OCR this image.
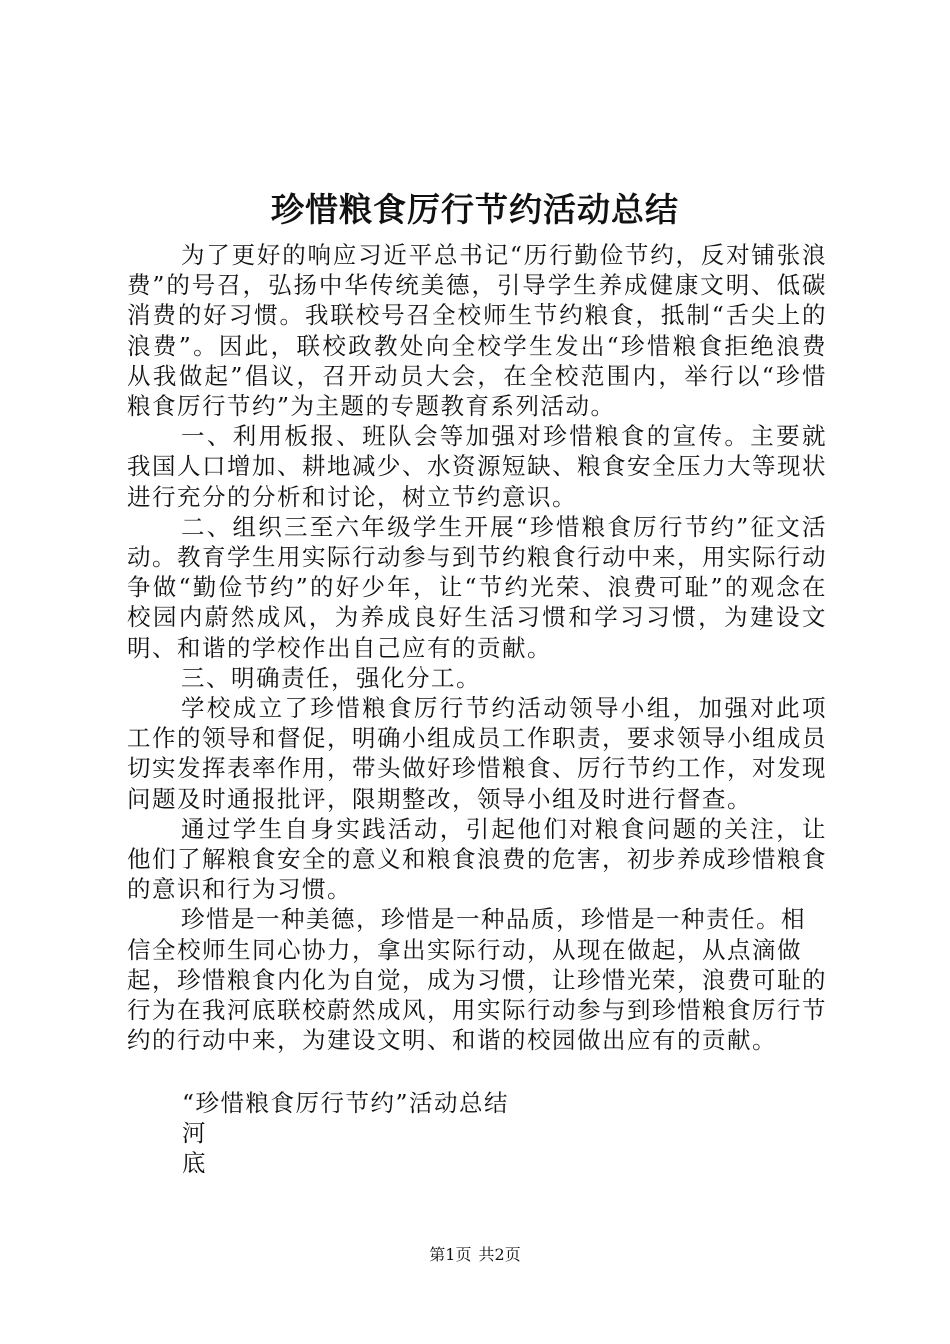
珍惜粮食厉行节约活动总结

为了更好的响应习近平总书记“历行勤俭节约，反对铺张浪费”的号召，弘扬中华传统美德，引导学生养成健康文明、低碳消费的好习惯。我联校号召全校师生节约粮食，抵制“舌尖上的浪费”。因此，联校政教处向全校学生发出“珍惜粮食拒绝浪费从我做起”倡议，召开动员大会，在全校范围内，举行以“珍惜粮食厉行节约”为主题的专题教育系列活动。

一、利用板报、班队会等加强对珍惜粮食的宣传。主要就我国人口增加、耕地减少、水资源短缺、粮食安全压力大等现状进行充分的分析和讨论，树立节约意识。

二、组织三至六年级学生开展“珍惜粮食厉行节约”征文活动。教育学生用实际行动参与到节约粮食行动中来，用实际行动争做“勤俭节约”的好少年，让“节约光荣、浪费可耻”的观念在校园内蔚然成风，为养成良好生活习惯和学习习惯，为建设文明、和谐的学校作出自己应有的贡献。

三、明确责任，强化分工。

学校成立了珍惜粮食厉行节约活动领导小组，加强对此项工作的领导和督促，明确小组成员工作职责，要求领导小组成员切实发挥表率作用，带头做好珍惜粮食、厉行节约工作，对发现问题及时通报批评，限期整改，领导小组及时进行督查。

通过学生自身实践活动，引起他们对粮食问题的关注，让他们了解粮食安全的意义和粮食浪费的危害，初步养成珍惜粮食的意识和行为习惯。

珍惜是一种美德，珍惜是一种品质，珍惜是一种责任。相信全校师生同心协力，拿出实际行动，从现在做起，从点滴做起，珍惜粮食内化为自觉，成为习惯，让珍惜光荣，浪费可耻的行为在我河底联校蔚然成风，用实际行动参与到珍惜粮食厉行节约的行动中来，为建设文明、和谐的校园做出应有的贡献。

“珍惜粮食厉行节约”活动总结

河

底

第1页 共2页
